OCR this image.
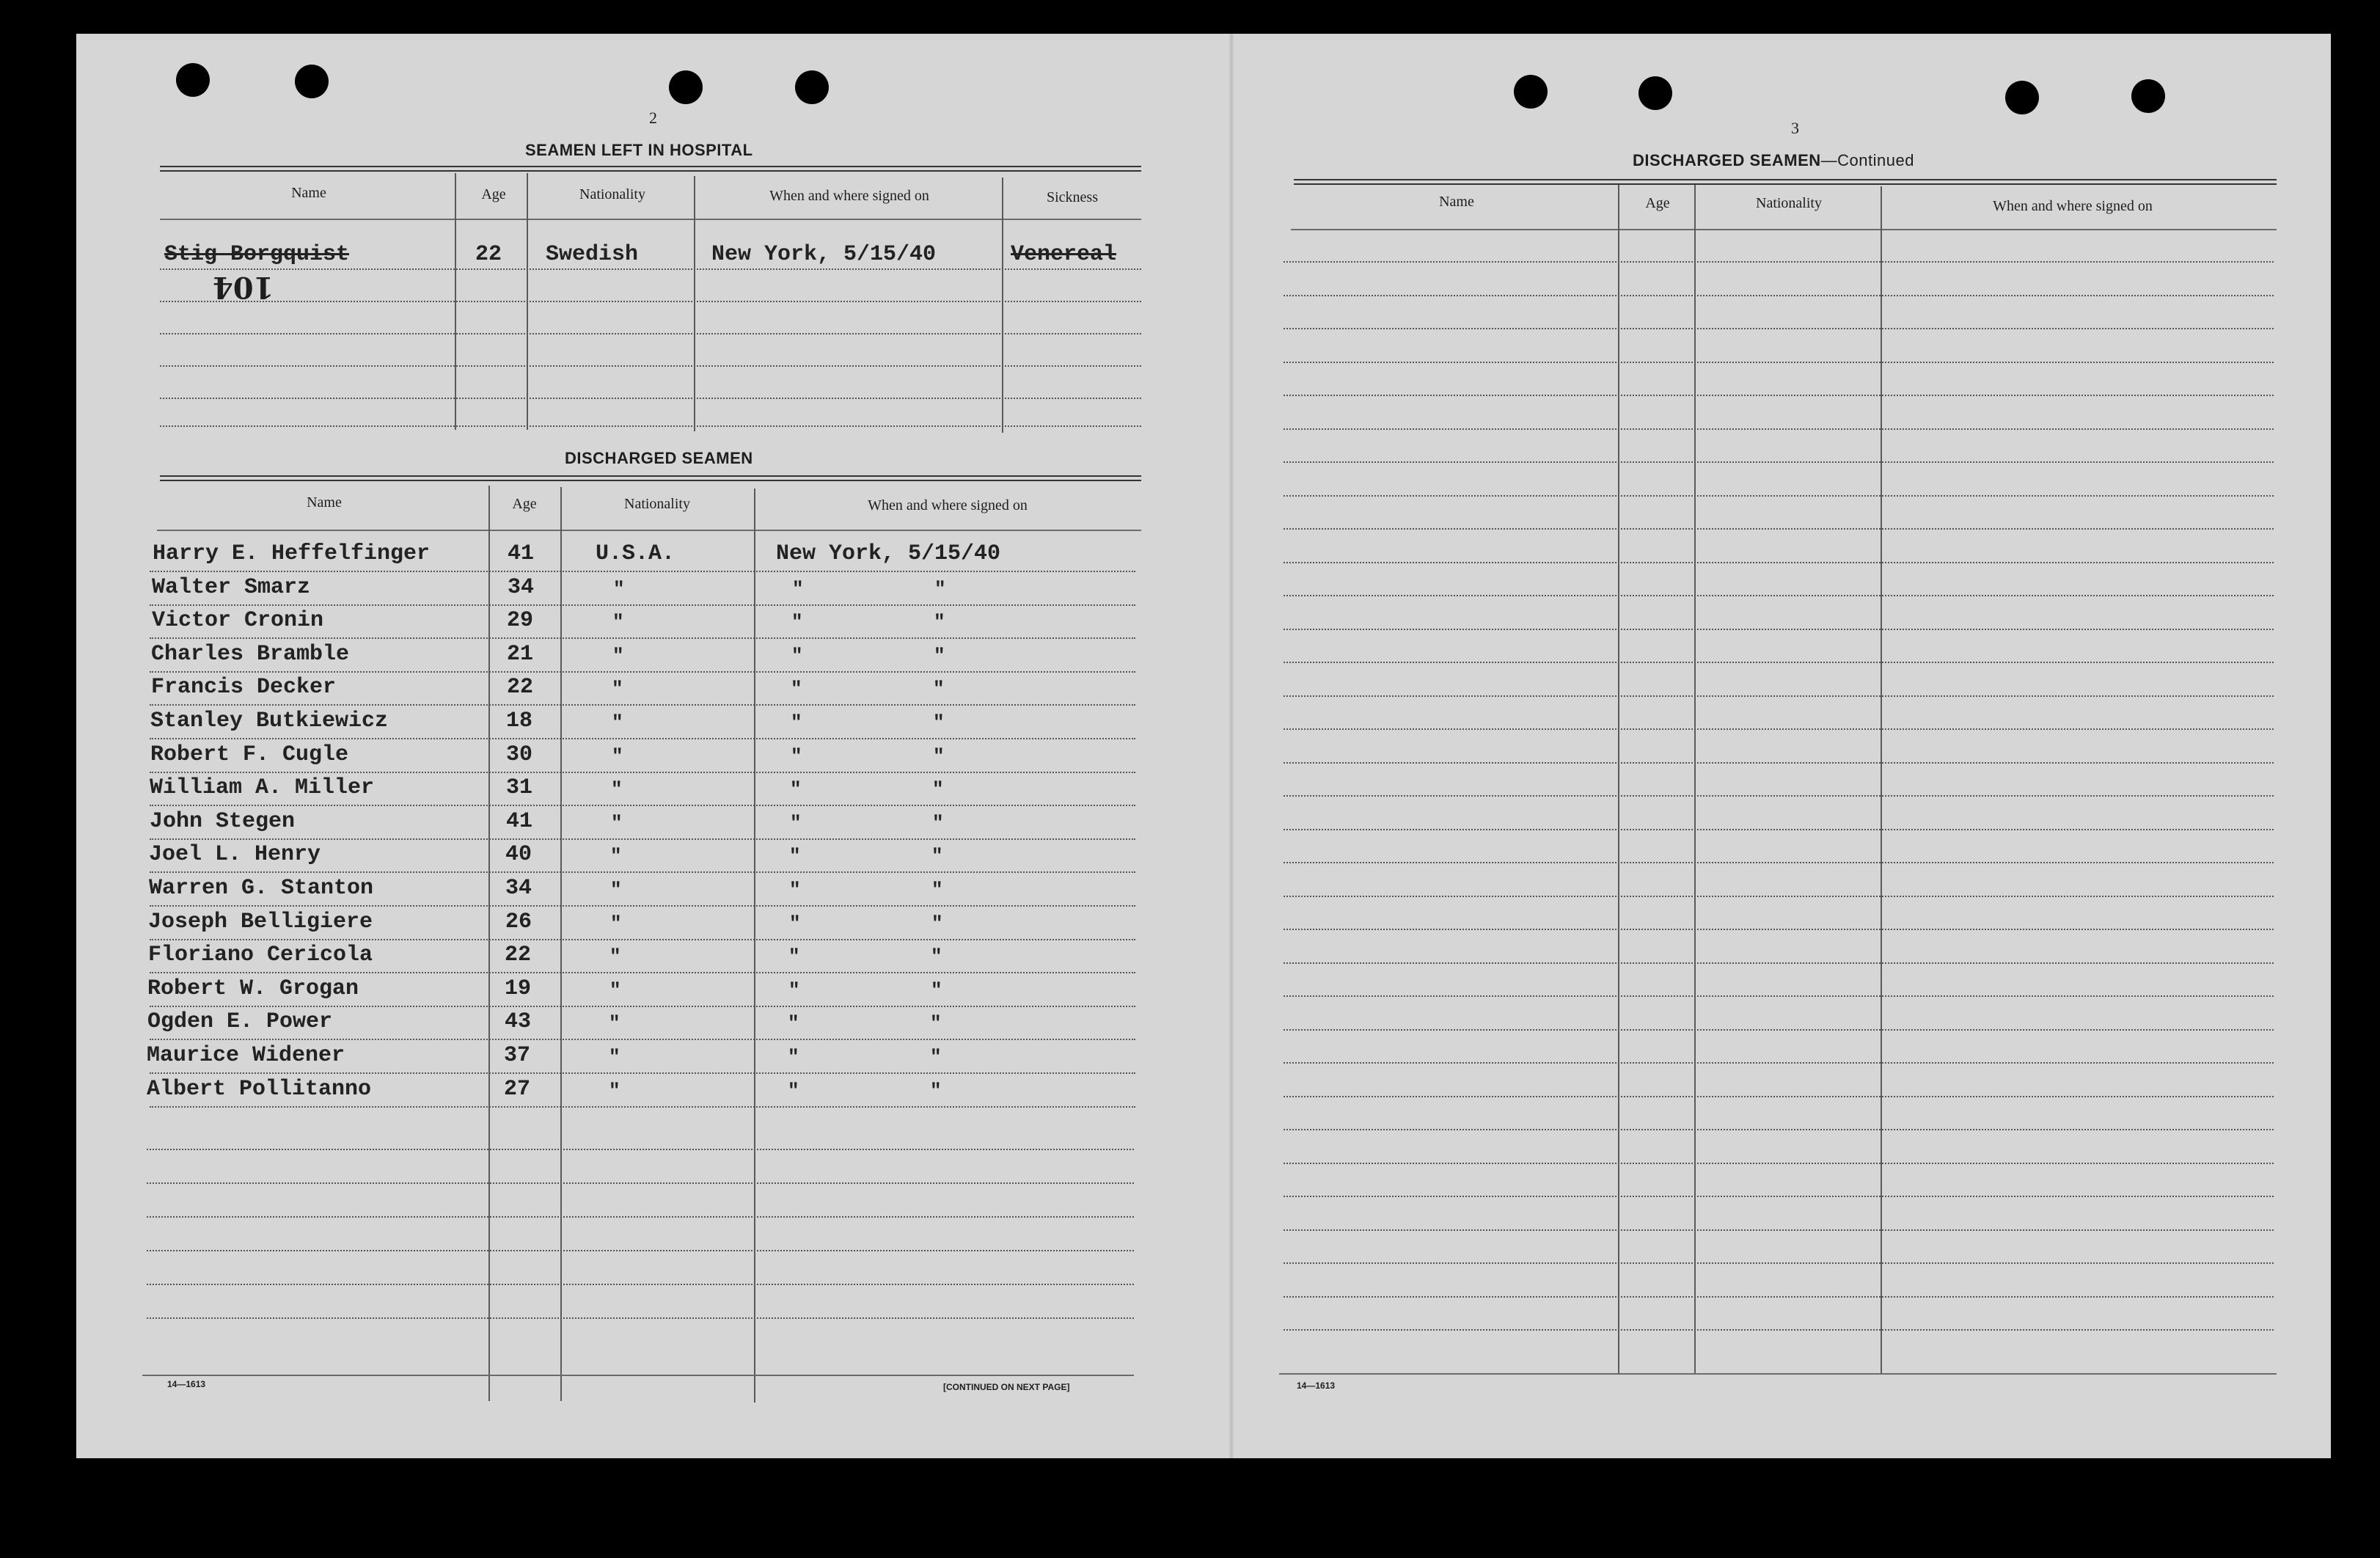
2
SEAMEN LEFT IN HOSPITAL
Name	Age	Nationality	When and where signed on	Sickness
Stig Borgquist	22 Swedish	New York, 5/15/40	Venereal
104
DISCHARGED SEAMEN
Name	Age	Nationality	When and where signed on
Harry E. Heffelfinger	41	U.S.A.	New York, 5/15/40
Walter Smarz	34	"	"	"
Victor Cronin	29	"	"	"
Charles Bramble	21	"	"	"
Francis Decker	22	"	"	"
Stanley Butkiewicz	18	"	"	"
Robert F. Cugle	30	"	"	"
William A. Miller	31	"	"	"
John Stegen	41	"	"	"
Joel L. Henry	40	"	"	"
Warren G. Stanton	34	"	"	"
Joseph Belligiere	26	"	"	"
Floriano Cericola	22	"	"	"
Robert W. Grogan	19	"	"	"
Ogden E. Power	43	"	"	"
Maurice Widener	37	"	"	"
Albert Pollitanno	27	"	"	"
14—1613	[CONTINUED ON NEXT PAGE]
3
DISCHARGED SEAMEN—Continued
Name	Age	Nationality	When and where signed on
14—1613
